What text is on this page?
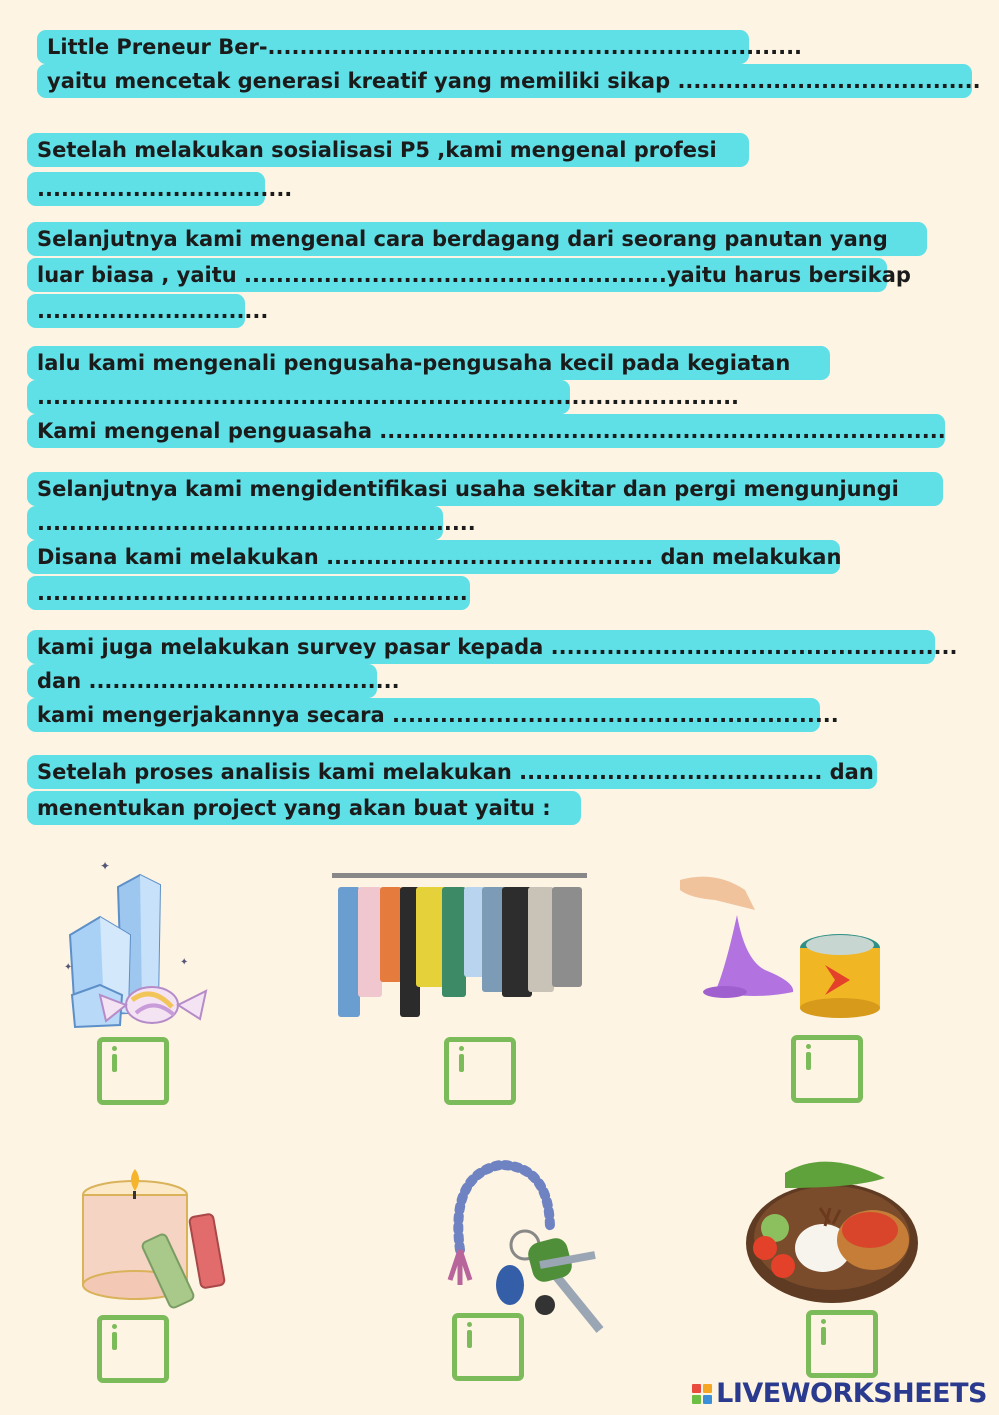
Little Preneur Ber-...................................................................
yaitu mencetak generasi kreatif yang memiliki sikap ......................................
Setelah melakukan sosialisasi P5 ,kami mengenal profesi
................................
Selanjutnya kami mengenal cara berdagang dari seorang panutan yang
luar biasa , yaitu .....................................................yaitu harus bersikap
.............................
lalu kami mengenali pengusaha-pengusaha kecil pada kegiatan
........................................................................................
Kami mengenal penguasaha .......................................................................
Selanjutnya kami mengidentifikasi usaha sekitar dan pergi mengunjungi
.......................................................
Disana kami melakukan ......................................... dan melakukan
......................................................
kami juga melakukan survey pasar kepada ...................................................
dan .......................................
kami mengerjakannya secara ........................................................
Setelah proses analisis kami melakukan ...................................... dan
menentukan project yang akan buat yaitu :
✦
✦
✦
LIVEWORKSHEETS
